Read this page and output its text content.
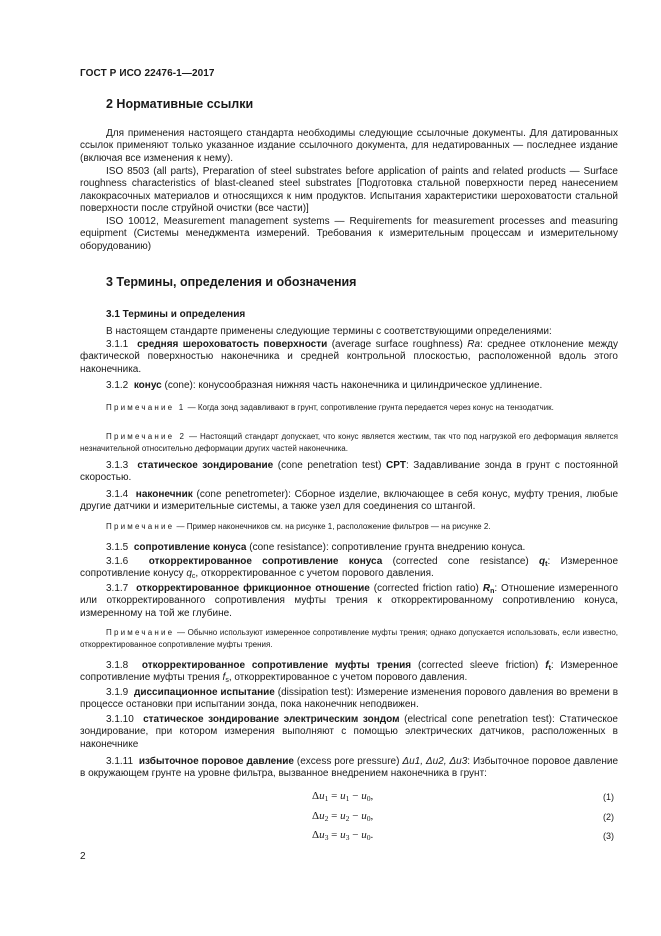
ГОСТ Р ИСО 22476-1—2017
2 Нормативные ссылки
Для применения настоящего стандарта необходимы следующие ссылочные документы. Для датированных ссылок применяют только указанное издание ссылочного документа, для недатированных — последнее издание (включая все изменения к нему).
ISO 8503 (all parts), Preparation of steel substrates before application of paints and related products — Surface roughness characteristics of blast-cleaned steel substrates [Подготовка стальной поверхности перед нанесением лакокрасочных материалов и относящихся к ним продуктов. Испытания характеристики шероховатости стальной поверхности после струйной очистки (все части)]
ISO 10012, Measurement management systems — Requirements for measurement processes and measuring equipment (Системы менеджмента измерений. Требования к измерительным процессам и измерительному оборудованию)
3 Термины, определения и обозначения
3.1 Термины и определения
В настоящем стандарте применены следующие термины с соответствующими определениями:
3.1.1 средняя шероховатость поверхности (average surface roughness) Ra: среднее отклонение между фактической поверхностью наконечника и средней контрольной плоскостью, расположенной вдоль этого наконечника.
3.1.2 конус (cone): конусообразная нижняя часть наконечника и цилиндрическое удлинение.
Примечание 1 — Когда зонд задавливают в грунт, сопротивление грунта передается через конус на тензодатчик.
Примечание 2 — Настоящий стандарт допускает, что конус является жестким, так что под нагрузкой его деформация является незначительной относительно деформации других частей наконечника.
3.1.3 статическое зондирование (cone penetration test) CPT: Задавливание зонда в грунт с постоянной скоростью.
3.1.4 наконечник (cone penetrometer): Сборное изделие, включающее в себя конус, муфту трения, любые другие датчики и измерительные системы, а также узел для соединения со штангой.
Примечание — Пример наконечников см. на рисунке 1, расположение фильтров — на рисунке 2.
3.1.5 сопротивление конуса (cone resistance): сопротивление грунта внедрению конуса.
3.1.6 откорректированное сопротивление конуса (corrected cone resistance) $q_t$: Измеренное сопротивление конусу $q_c$, откорректированное с учетом порового давления.
3.1.7 откорректированное фрикционное отношение (corrected friction ratio) $R_n$: Отношение измеренного или откорректированного сопротивления муфты трения к откорректированному сопротивлению конуса, измеренному на той же глубине.
Примечание — Обычно используют измеренное сопротивление муфты трения; однако допускается использовать, если известно, откорректированное сопротивление муфты трения.
3.1.8 откорректированное сопротивление муфты трения (corrected sleeve friction) $f_t$: Измеренное сопротивление муфты трения $f_s$, откорректированное с учетом порового давления.
3.1.9 диссипационное испытание (dissipation test): Измерение изменения порового давления во времени в процессе остановки при испытании зонда, пока наконечник неподвижен.
3.1.10 статическое зондирование электрическим зондом (electrical cone penetration test): Статическое зондирование, при котором измерения выполняют с помощью электрических датчиков, расположенных в наконечнике
3.1.11 избыточное поровое давление (excess pore pressure) Δu1, Δu2, Δu3: Избыточное поровое давление в окружающем грунте на уровне фильтра, вызванное внедрением наконечника в грунт:
$\Delta u_1 = u_1 - u_0$,	(1)
$\Delta u_2 = u_2 - u_0$,	(2)
$\Delta u_3 = u_3 - u_0$.	(3)
2
